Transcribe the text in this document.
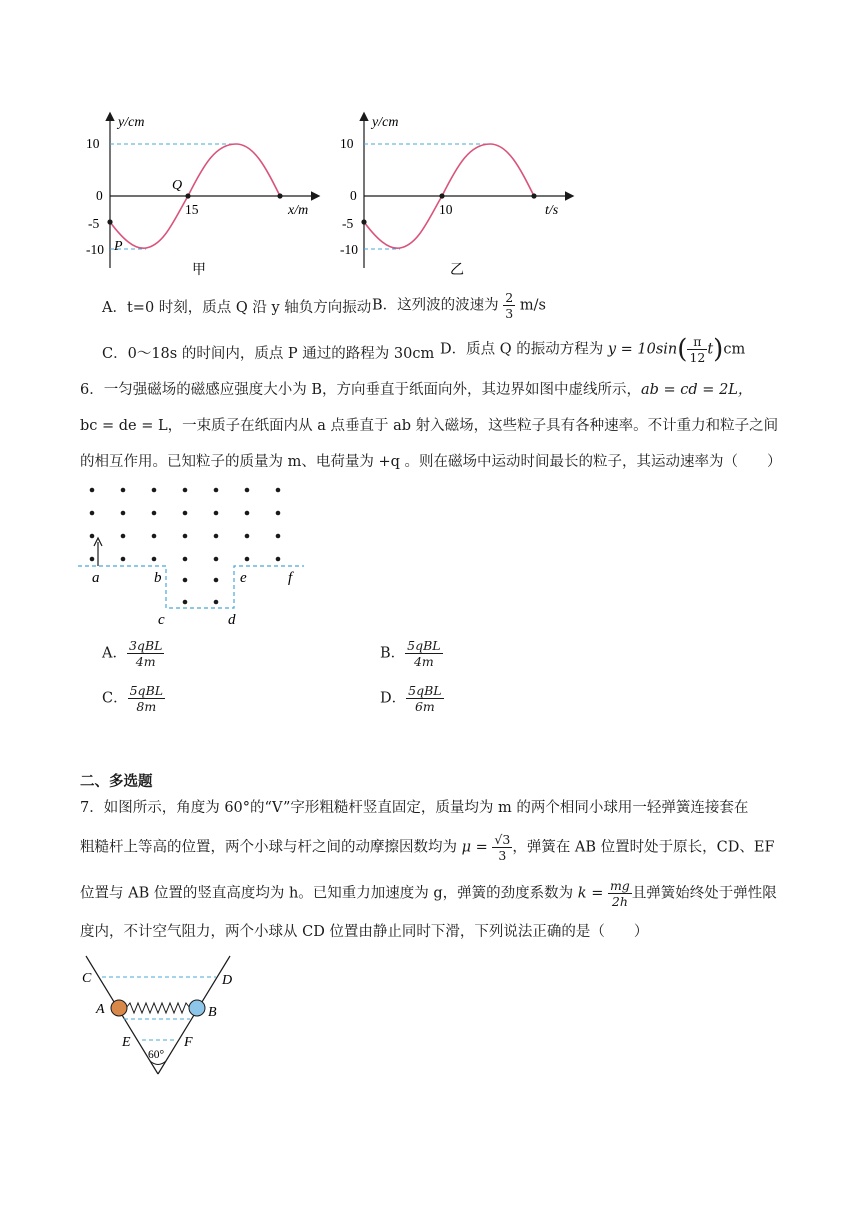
y/cm
10
0
-5
-10 P
Q
15	x/m
甲
y/cm
10
0
-5
-10
10	t/s
乙
A．t=0 时刻，质点 Q 沿 y 轴负方向振动 B．这列波的波速为 $\frac{2}{3} m/s$
C．0～18s 的时间内，质点 P 通过的路程为 30cm D．质点 Q 的振动方程为 $y = 10\sin( \frac{\pi}{12} t)cm$
6．一匀强磁场的磁感应强度大小为 B，方向垂直于纸面向外，其边界如图中虚线所示，ab = cd = 2L，
bc = de = L，一束质子在纸面内从 a 点垂直于 ab 射入磁场，这些粒子具有各种速率。不计重力和粒子之间
的相互作用。已知粒子的质量为 m、电荷量为 +q 。则在磁场中运动时间最长的粒子，其运动速率为（　　）
a	b
c	d
e	f
A． $\frac{\text{3qBL}}{4m}$	B． $\frac{\text{5qBL}}{4m}$
C． $\frac{\text{5qBL}}{8m}$	D． $\frac{\text{5qBL}}{6m}$
二、多选题
7．如图所示，角度为 60°的“V”字形粗糙杆竖直固定，质量均为 m 的两个相同小球用一轻弹簧连接套在
粗糙杆上等高的位置，两个小球与杆之间的动摩擦因数均为 $\mu = \frac{√3}{3}$ ，弹簧在 AB 位置时处于原长，CD、EF
位置与 AB 位置的竖直高度均为 h。已知重力加速度为 g，弹簧的劲度系数为 $k = \frac{mg}{2h}$ 且弹簧始终处于弹性限
度内，不计空气阻力，两个小球从 CD 位置由静止同时下滑，下列说法正确的是（　　）
C	D
A	B
E	F
60°
